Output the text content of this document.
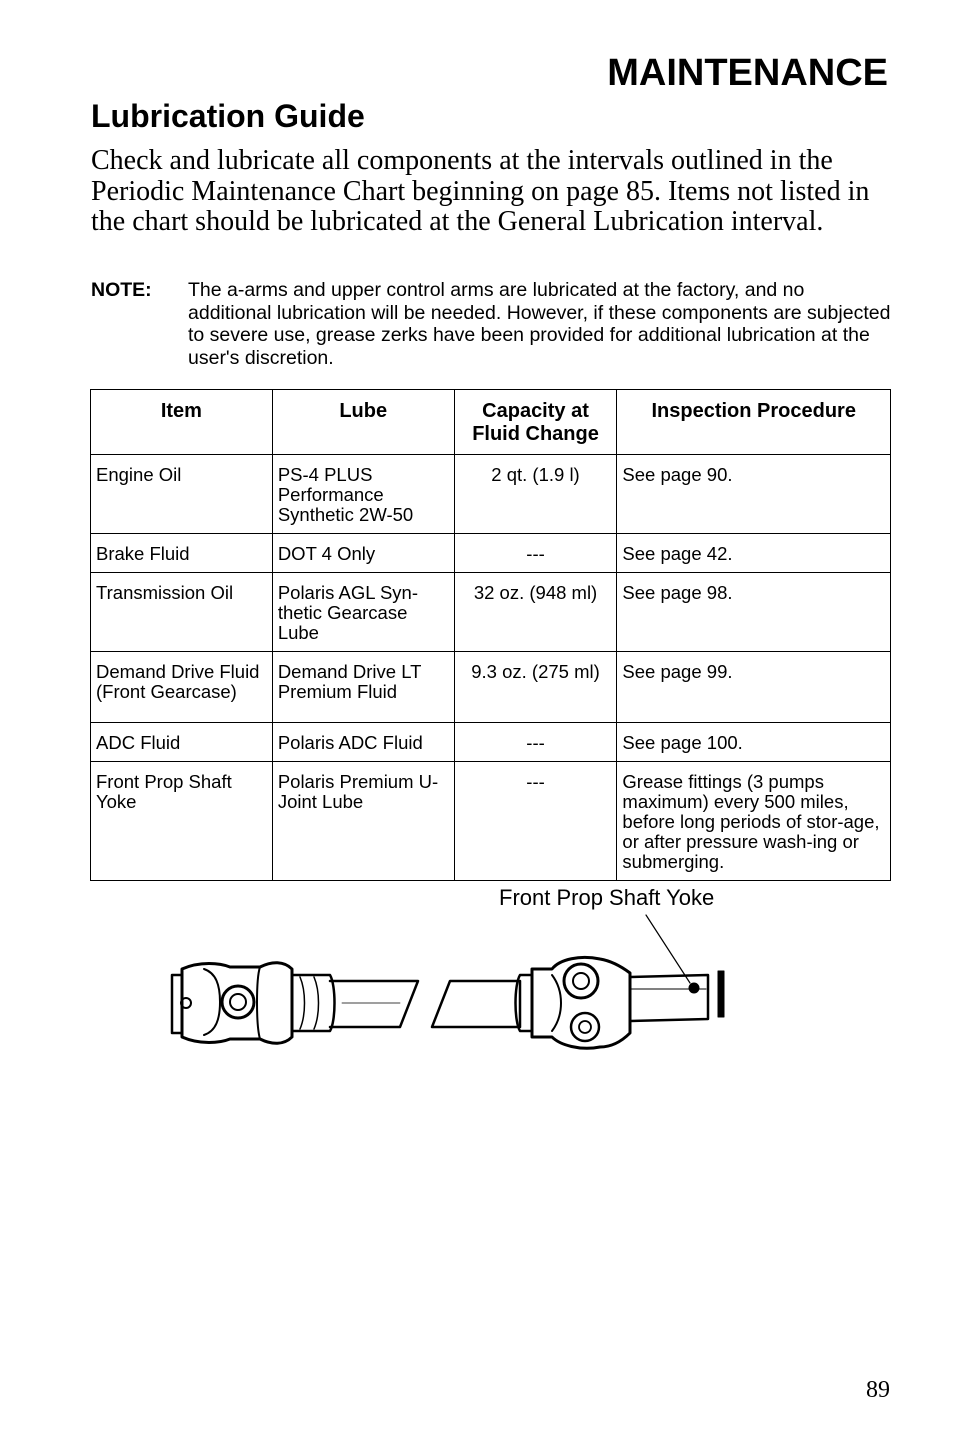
MAINTENANCE
Lubrication Guide

Check and lubricate all components at the intervals outlined in the Periodic Maintenance Chart beginning on page 85. Items not listed in the chart should be lubricated at the General Lubrication interval.

NOTE: The a-arms and upper control arms are lubricated at the factory, and no additional lubrication will be needed. However, if these components are subjected to severe use, grease zerks have been provided for additional lubrication at the user's discretion.
Item	Lube	Capacity at Fluid Change	Inspection Procedure
Engine Oil	PS-4 PLUS Performance Synthetic 2W-50	2 qt. (1.9 l)	See page 90.
Brake Fluid	DOT 4 Only	---	See page 42.
Transmission Oil	Polaris AGL Syn-thetic Gearcase Lube	32 oz. (948 ml)	See page 98.
Demand Drive Fluid (Front Gearcase)	Demand Drive LT Premium Fluid	9.3 oz. (275 ml)	See page 99.
ADC Fluid	Polaris ADC Fluid	---	See page 100.
Front Prop Shaft Yoke	Polaris Premium U-Joint Lube	---	Grease fittings (3 pumps maximum) every 500 miles, before long periods of stor-age, or after pressure wash-ing or submerging.
Front Prop Shaft Yoke
89
